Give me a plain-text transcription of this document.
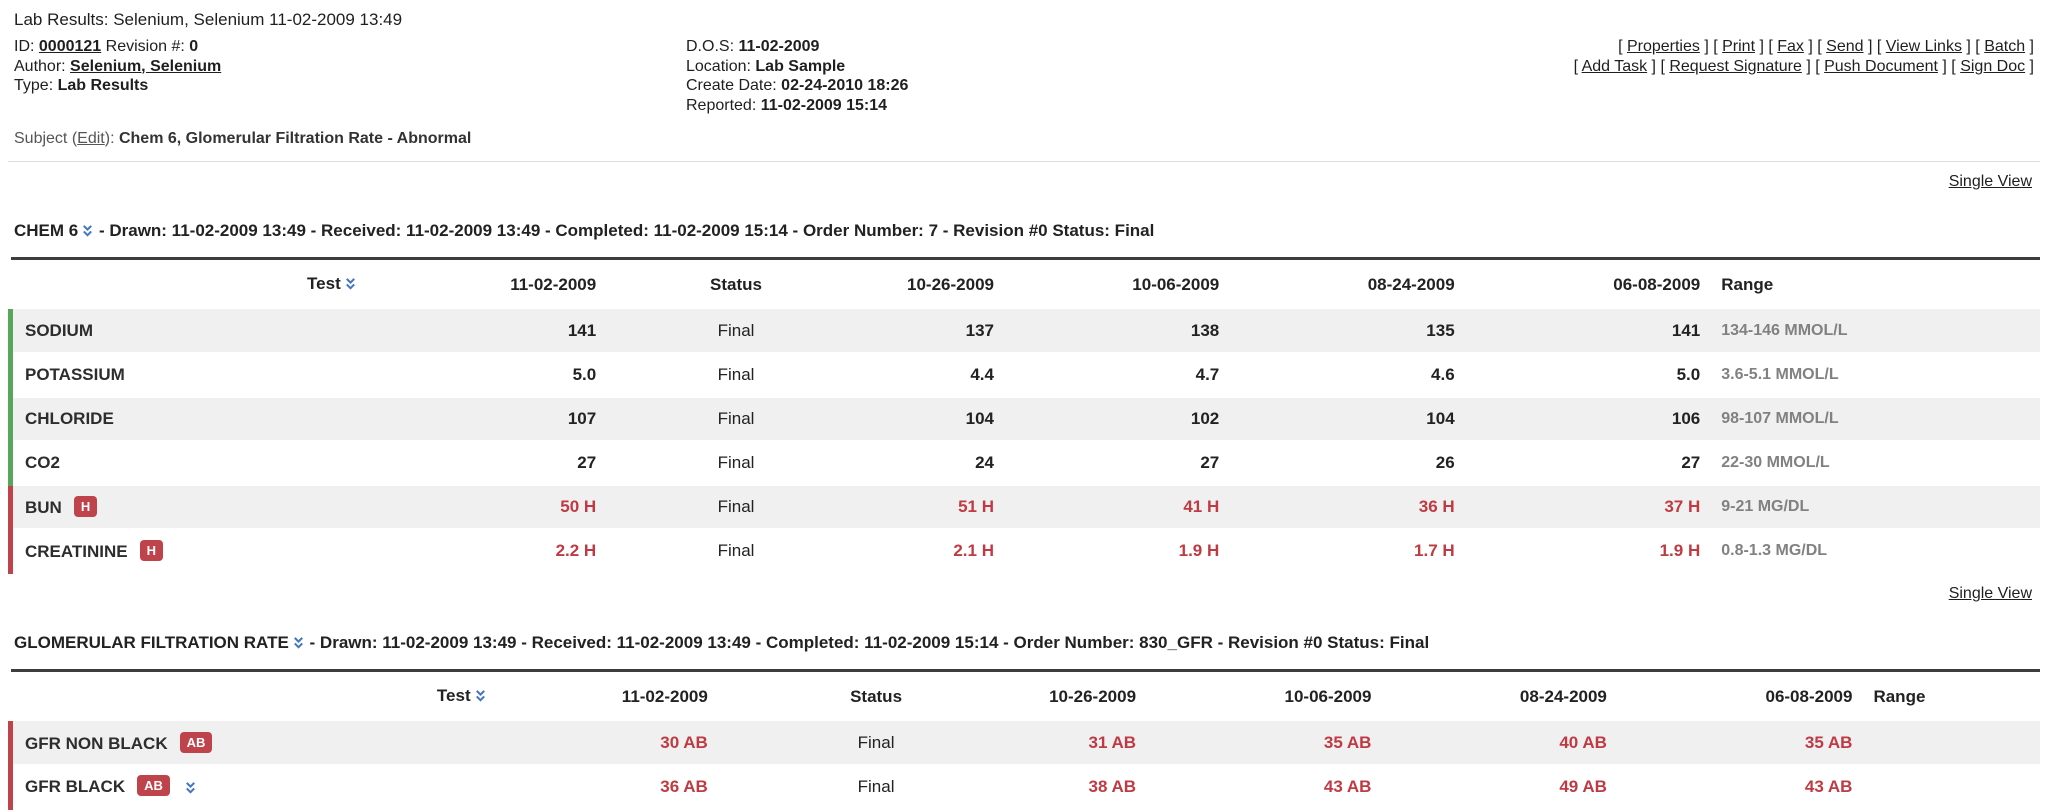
Lab Results: Selenium, Selenium 11-02-2009 13:49
ID: 0000121 Revision #: 0
Author: Selenium, Selenium
Type: Lab Results
D.O.S: 11-02-2009
Location: Lab Sample
Create Date: 02-24-2010 18:26
Reported: 11-02-2009 15:14
[ Properties ] [ Print ] [ Fax ] [ Send ] [ View Links ] [ Batch ]
[ Add Task ] [ Request Signature ] [ Push Document ] [ Sign Doc ]
Subject (Edit): Chem 6, Glomerular Filtration Rate - Abnormal
Single View
CHEM 6 - Drawn: 11-02-2009 13:49 - Received: 11-02-2009 13:49 - Completed: 11-02-2009 15:14 - Order Number: 7 - Revision #0 Status: Final
Test	11-02-2009	Status	10-26-2009	10-06-2009	08-24-2009	06-08-2009	Range
SODIUM	141	Final	137	138	135	141	134-146 MMOL/L
POTASSIUM	5.0	Final	4.4	4.7	4.6	5.0	3.6-5.1 MMOL/L
CHLORIDE	107	Final	104	102	104	106	98-107 MMOL/L
CO2	27	Final	24	27	26	27	22-30 MMOL/L
BUN H	50 H	Final	51 H	41 H	36 H	37 H	9-21 MG/DL
CREATININE H	2.2 H	Final	2.1 H	1.9 H	1.7 H	1.9 H	0.8-1.3 MG/DL
Single View
GLOMERULAR FILTRATION RATE - Drawn: 11-02-2009 13:49 - Received: 11-02-2009 13:49 - Completed: 11-02-2009 15:14 - Order Number: 830_GFR - Revision #0 Status: Final
Test	11-02-2009	Status	10-26-2009	10-06-2009	08-24-2009	06-08-2009	Range
GFR NON BLACK AB	30 AB	Final	31 AB	35 AB	40 AB	35 AB	
GFR BLACK AB	36 AB	Final	38 AB	43 AB	49 AB	43 AB	
